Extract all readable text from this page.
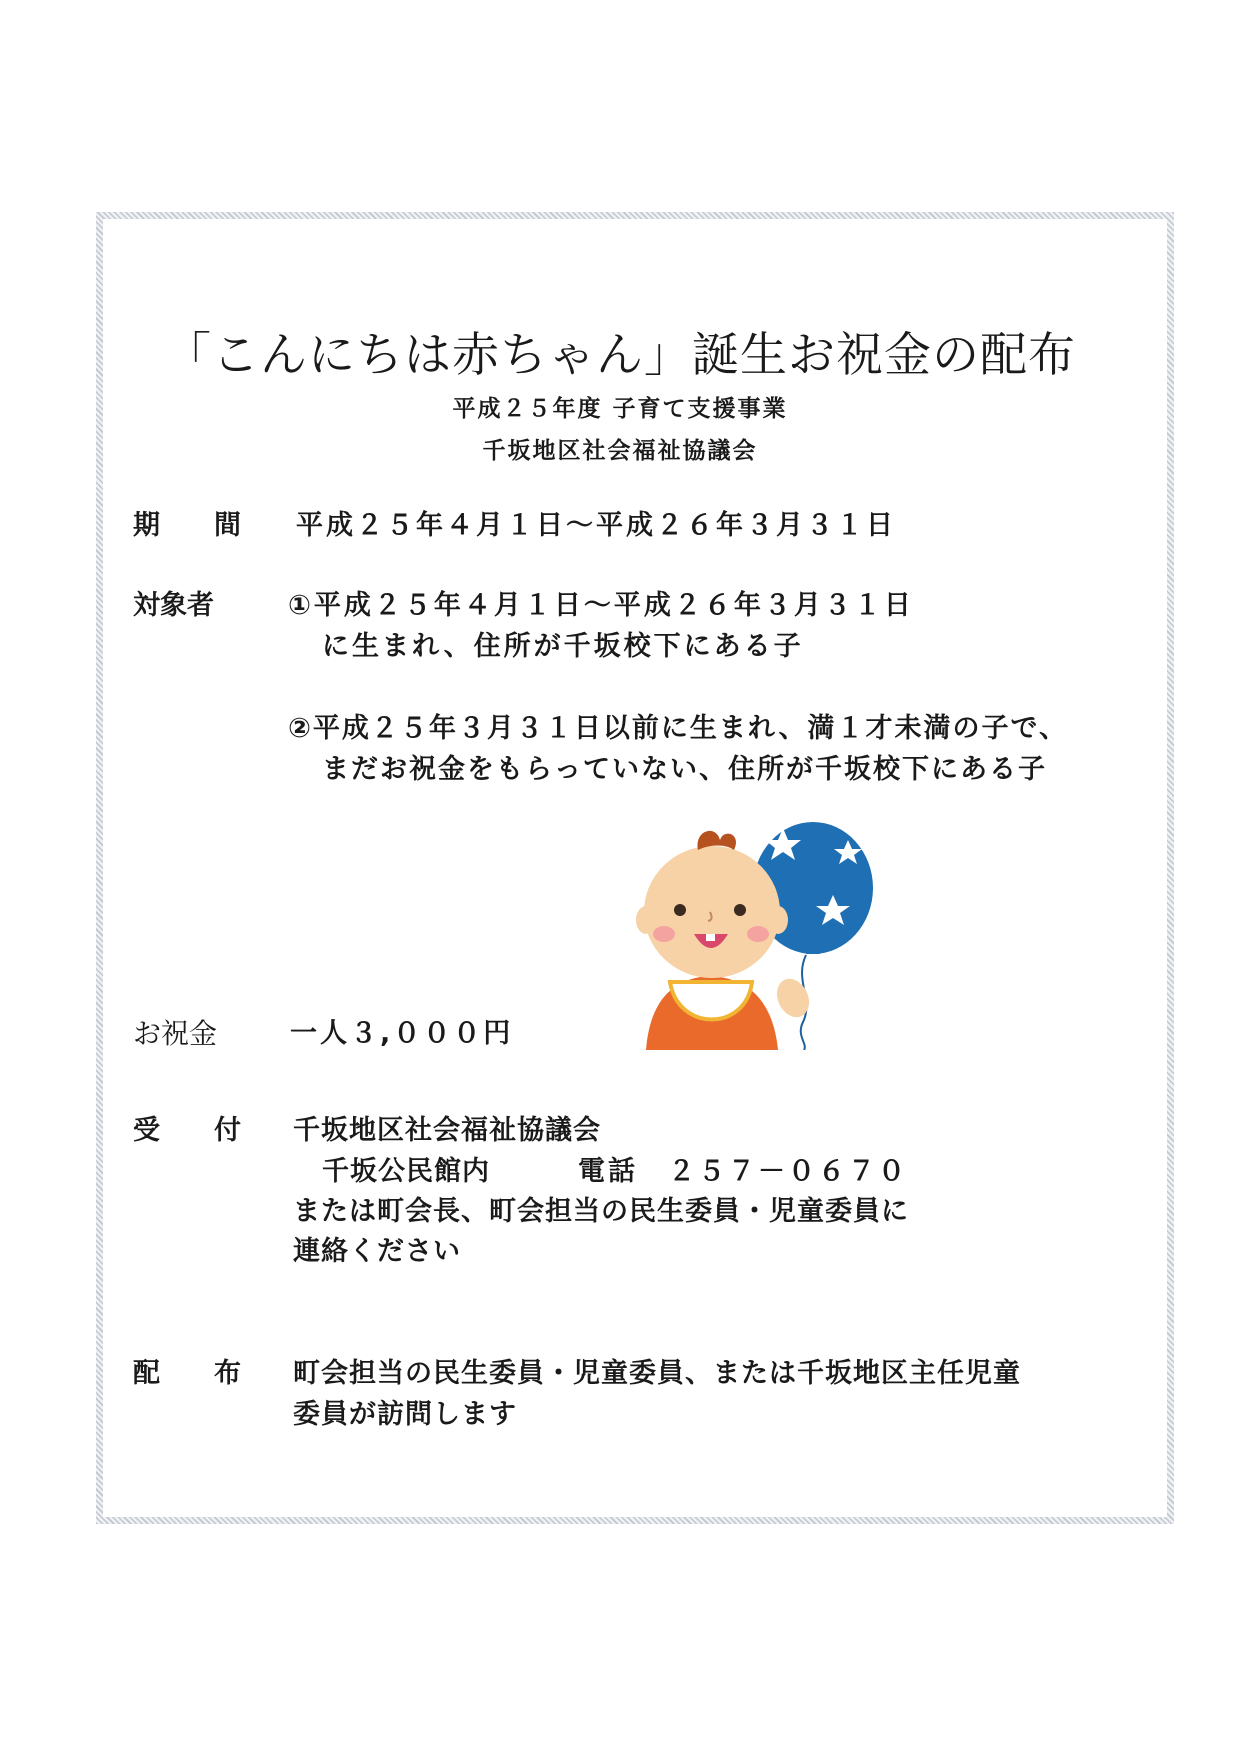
「こんにちは赤ちゃん」誕生お祝金の配布
平成２５年度 子育て支援事業
千坂地区社会福祉協議会
期　　間 平成２５年４月１日～平成２６年３月３１日
対象者	①平成２５年４月１日～平成２６年３月３１日
に生まれ、住所が千坂校下にある子
②平成２５年３月３１日以前に生まれ、満１才未満の子で、
まだお祝金をもらっていない、住所が千坂校下にある子
お祝金	一人３,０００円
受　　付 千坂地区社会福祉協議会
千坂公民館内	電話　２５７－０６７０
または町会長、町会担当の民生委員・児童委員に
連絡ください
配　　布 町会担当の民生委員・児童委員、または千坂地区主任児童
委員が訪問します
